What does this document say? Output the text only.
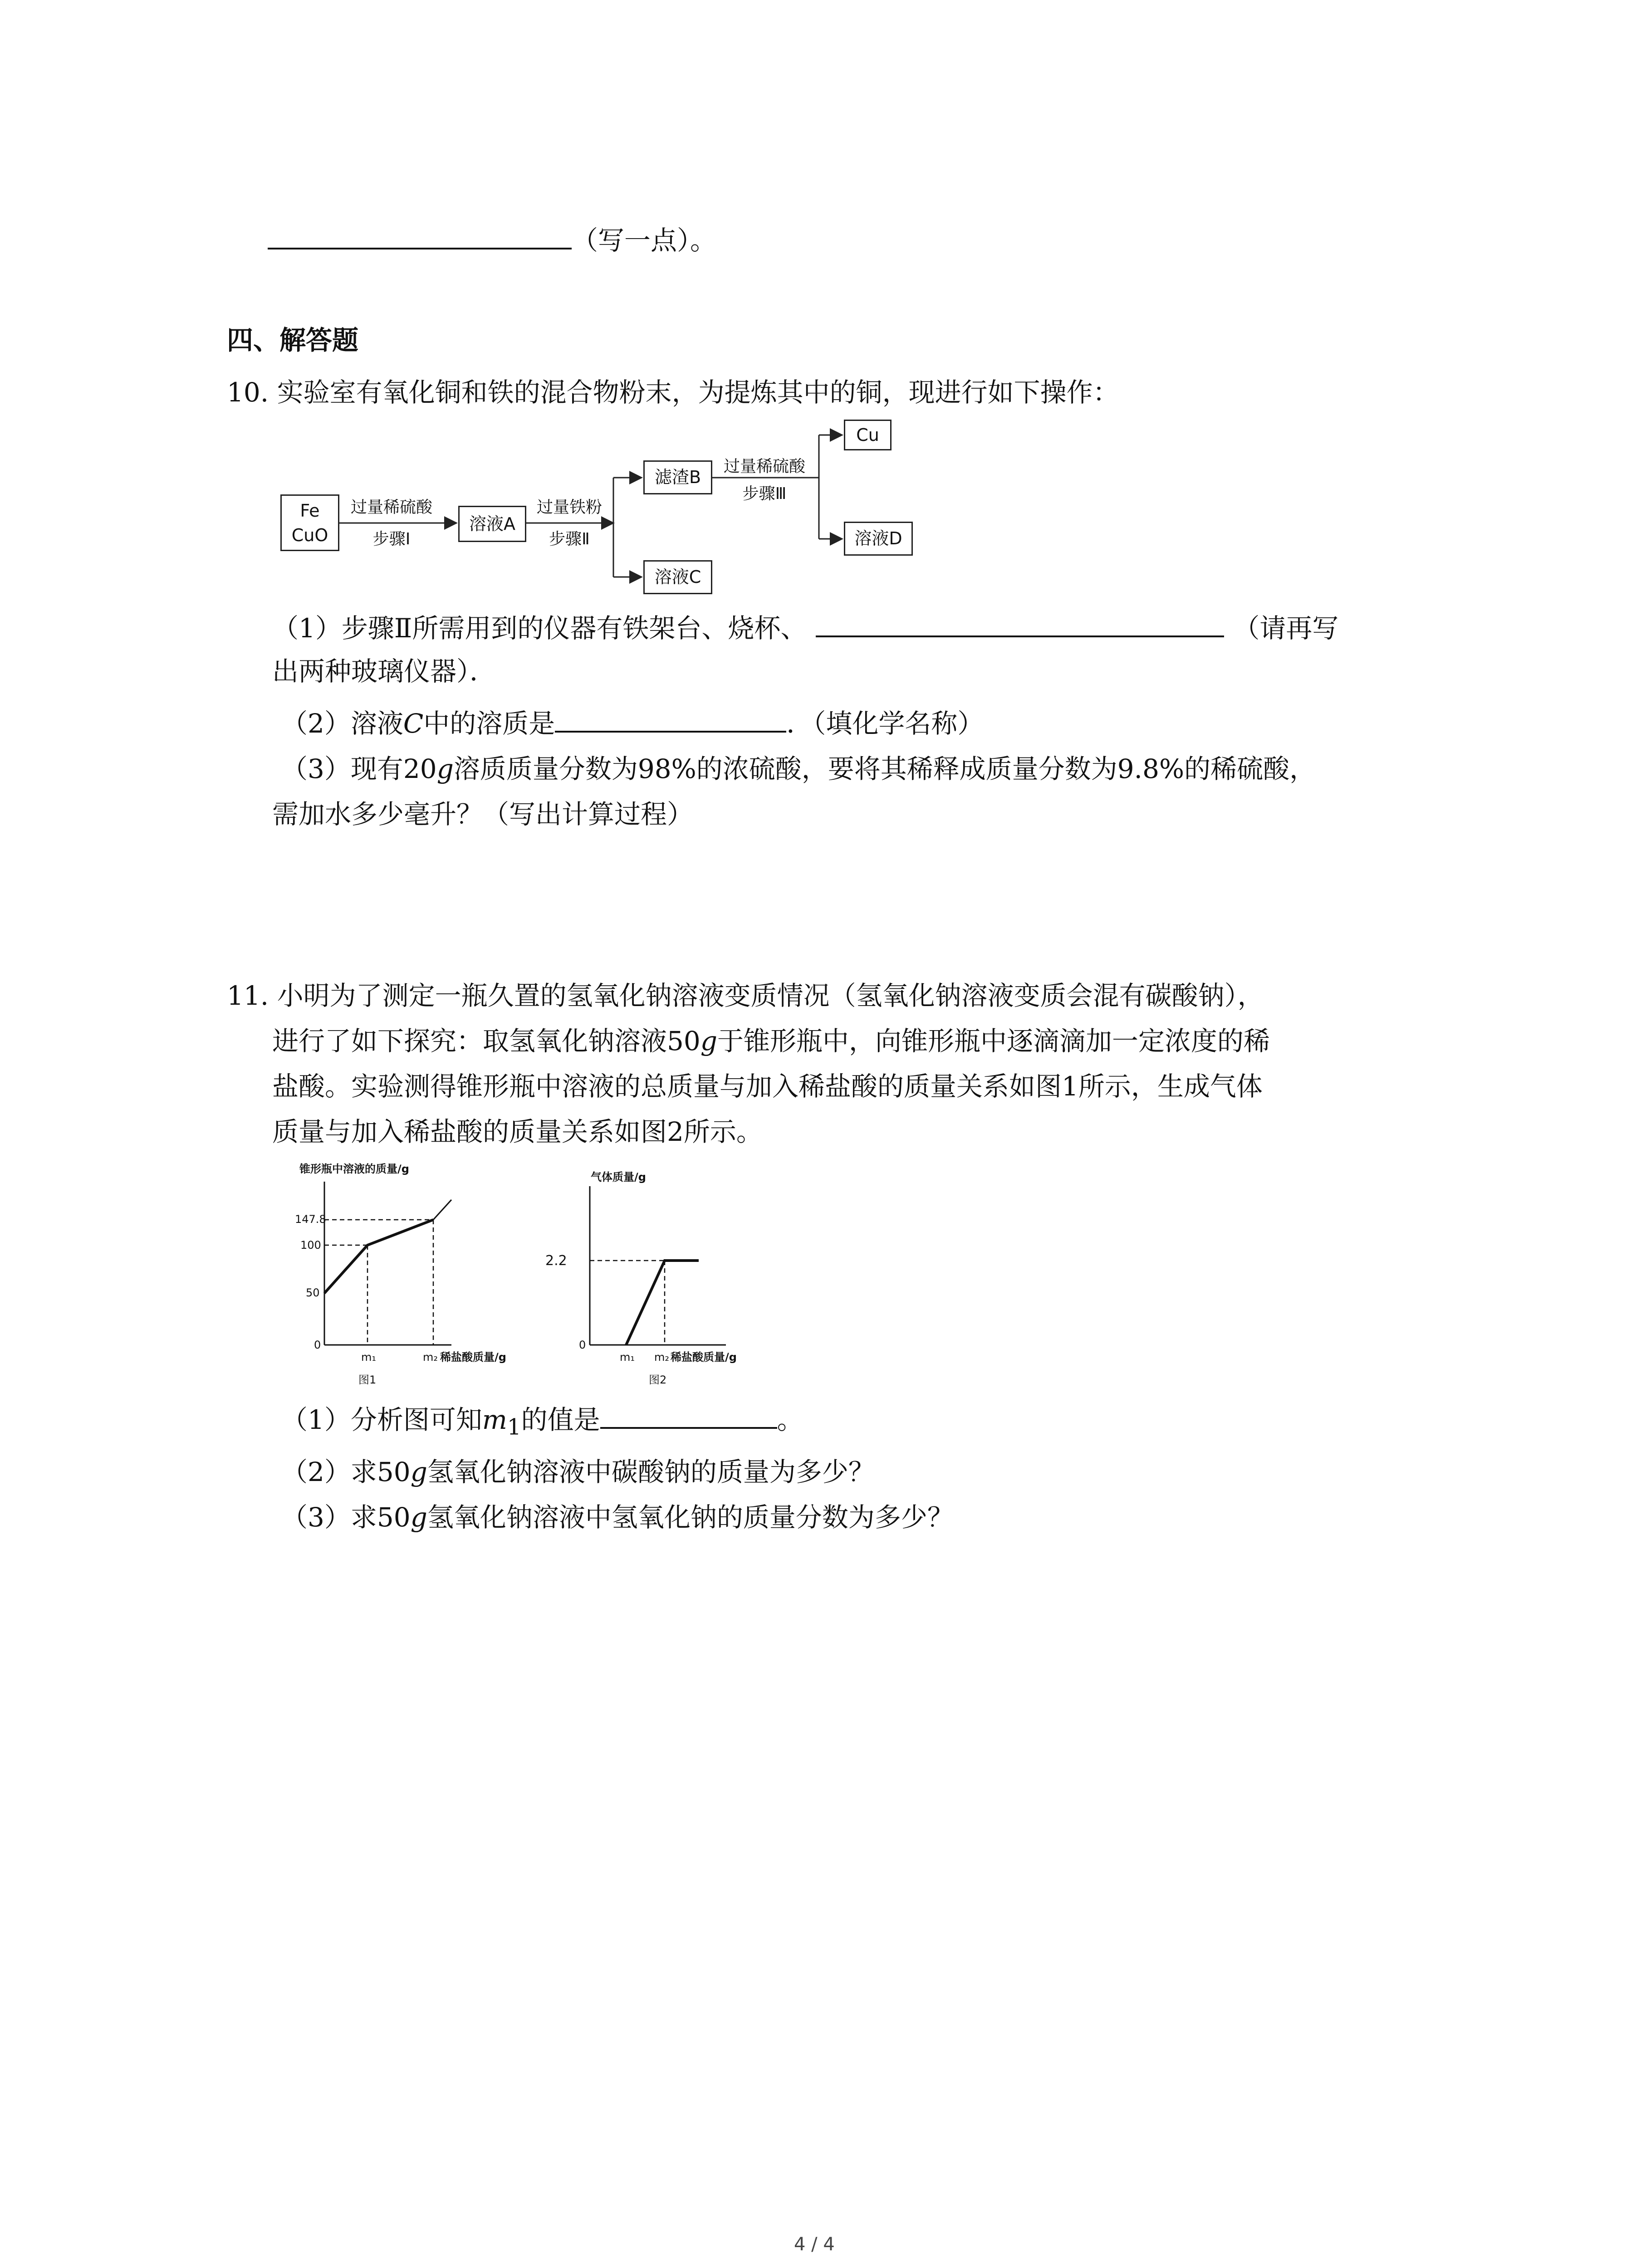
（写一点）。
四、解答题
10. 实验室有氧化铜和铁的混合物粉末，为提炼其中的铜，现进行如下操作：
Fe
CuO
过量稀硫酸
步骤Ⅰ
溶液A
过量铁粉
步骤Ⅱ
滤渣B
溶液C
过量稀硫酸
步骤Ⅲ
Cu
溶液D
（1）步骤Ⅱ所需用到的仪器有铁架台、烧杯、	（请再写
出两种玻璃仪器）．
（2）溶液C中的溶质是	．（填化学名称）
（3）现有20g溶质质量分数为98%的浓硫酸，要将其稀释成质量分数为9.8%的稀硫酸，
需加水多少毫升？（写出计算过程）
11. 小明为了测定一瓶久置的氢氧化钠溶液变质情况（氢氧化钠溶液变质会混有碳酸钠），
进行了如下探究：取氢氧化钠溶液50g于锥形瓶中，向锥形瓶中逐滴滴加一定浓度的稀
盐酸。实验测得锥形瓶中溶液的总质量与加入稀盐酸的质量关系如图1所示，生成气体
质量与加入稀盐酸的质量关系如图2所示。
锥形瓶中溶液的质量/g
147.8
100
50
0
m₁	m₂ 稀盐酸质量/g
图1
气体质量/g
2.2
0
m₁ m₂ 稀盐酸质量/g
图2
（1）分析图可知$m_1$的值是	。
（2）求50g氢氧化钠溶液中碳酸钠的质量为多少？
（3）求50g氢氧化钠溶液中氢氧化钠的质量分数为多少？
4 / 4
